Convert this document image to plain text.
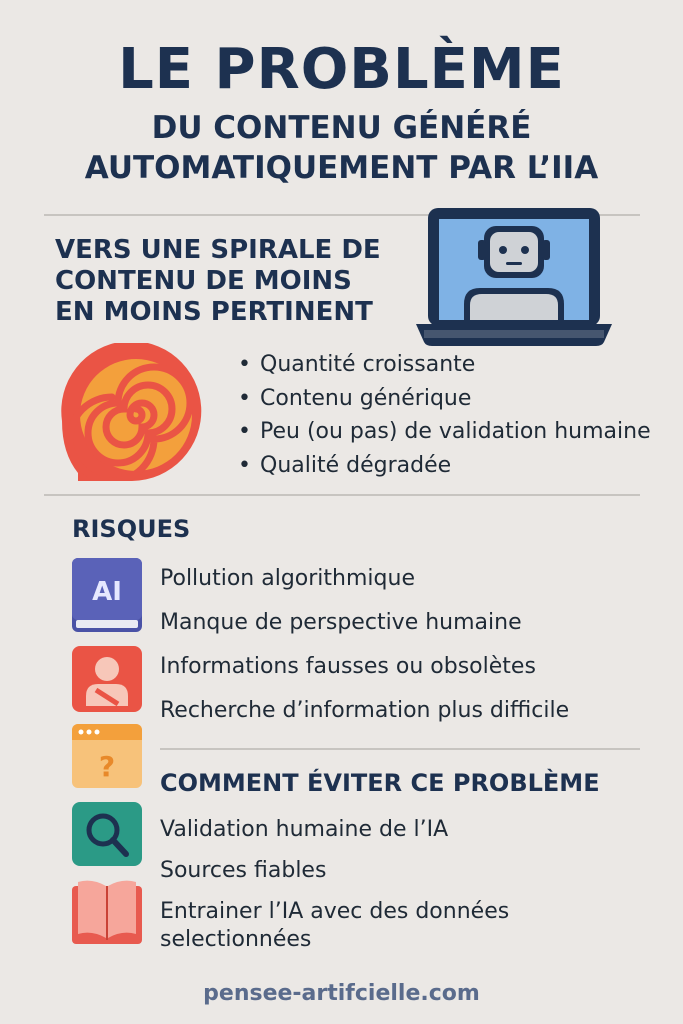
LE PROBLÈME
DU CONTENU GÉNÉRÉ
AUTOMATIQUEMENT PAR L’IIA
VERS UNE SPIRALE DE CONTENU DE MOINS EN MOINS PERTINENT
• Quantité croissante
• Contenu générique
• Peu (ou pas) de validation humaine
• Qualité dégradée
RISQUES
AI
?
Pollution algorithmique
Manque de perspective humaine
Informations fausses ou obsolètes
Recherche d’information plus difficile
COMMENT ÉVITER CE PROBLÈME
Validation humaine de l’IA
Sources fiables
Entrainer l’IA avec des données
selectionnées
pensee-artifcielle.com
